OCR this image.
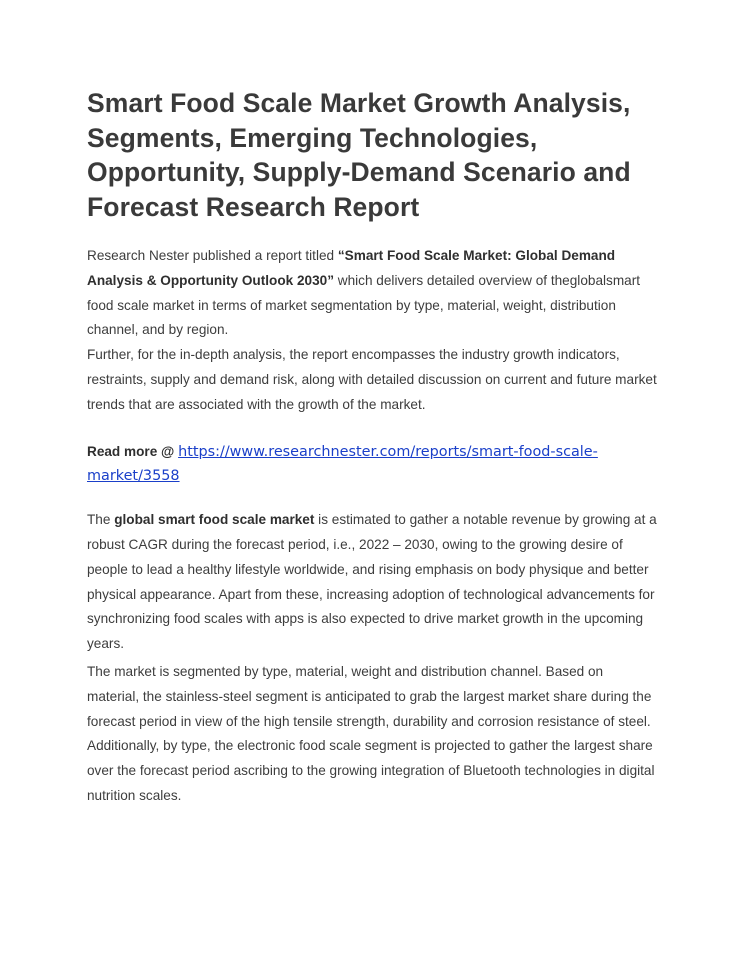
Smart Food Scale Market Growth Analysis, Segments, Emerging Technologies, Opportunity, Supply-Demand Scenario and Forecast Research Report

Research Nester published a report titled “Smart Food Scale Market: Global Demand Analysis & Opportunity Outlook 2030” which delivers detailed overview of theglobalsmart food scale market in terms of market segmentation by type, material, weight, distribution channel, and by region.

Further, for the in-depth analysis, the report encompasses the industry growth indicators, restraints, supply and demand risk, along with detailed discussion on current and future market trends that are associated with the growth of the market.

Read more @ https://www.researchnester.com/reports/smart-food-scale-market/3558

The global smart food scale market is estimated to gather a notable revenue by growing at a robust CAGR during the forecast period, i.e., 2022 – 2030, owing to the growing desire of people to lead a healthy lifestyle worldwide, and rising emphasis on body physique and better physical appearance. Apart from these, increasing adoption of technological advancements for synchronizing food scales with apps is also expected to drive market growth in the upcoming years.

The market is segmented by type, material, weight and distribution channel. Based on material, the stainless-steel segment is anticipated to grab the largest market share during the forecast period in view of the high tensile strength, durability and corrosion resistance of steel. Additionally, by type, the electronic food scale segment is projected to gather the largest share over the forecast period ascribing to the growing integration of Bluetooth technologies in digital nutrition scales.
